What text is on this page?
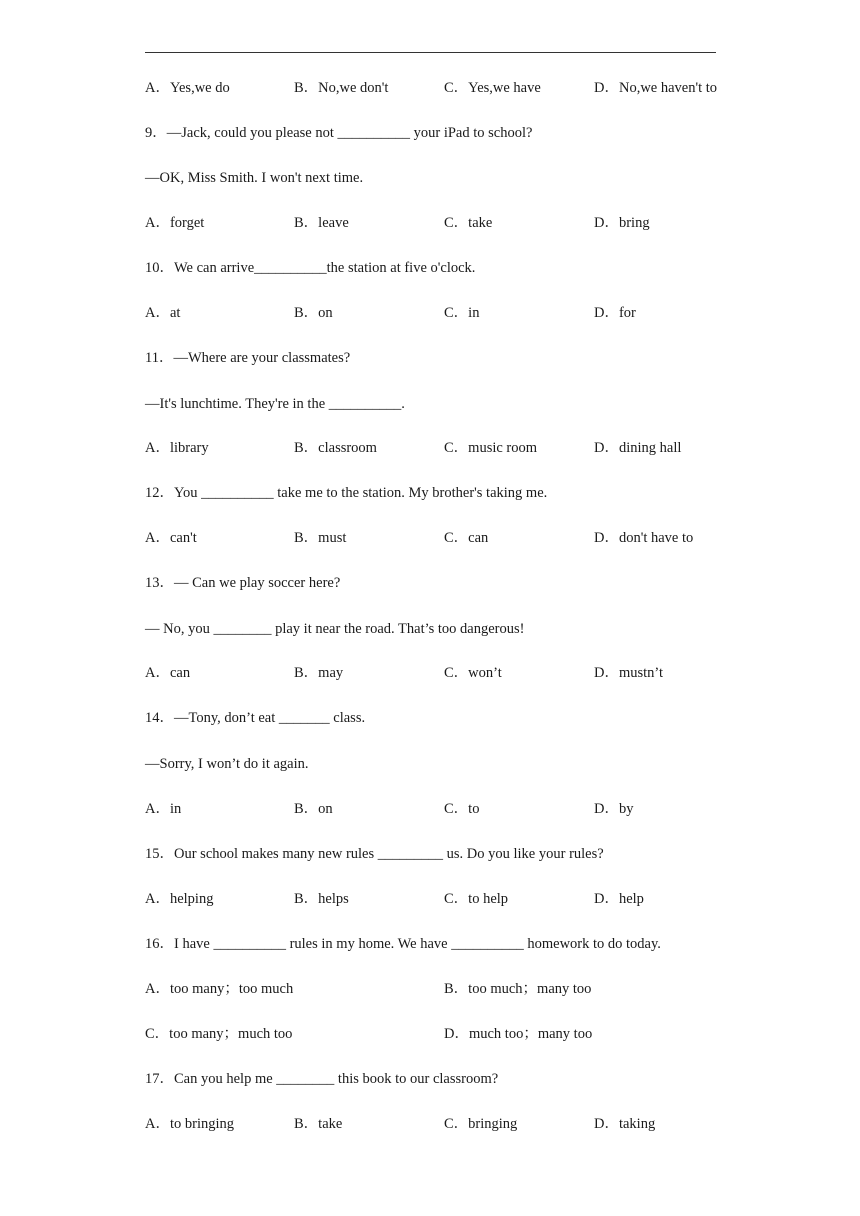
A．Yes,we do	B．No,we don't	C．Yes,we have	D．No,we haven't to
9．—Jack, could you please not __________ your iPad to school?
—OK, Miss Smith. I won't next time.
A．forget	B．leave	C．take	D．bring
10．We can arrive__________the station at five o'clock.
A．at	B．on	C．in	D．for
11．—Where are your classmates?
—It's lunchtime. They're in the __________.
A．library	B．classroom	C．music room	D．dining hall
12．You __________ take me to the station. My brother's taking me.
A．can't	B．must	C．can	D．don't have to
13．— Can we play soccer here?
— No, you ________ play it near the road. That’s too dangerous!
A．can	B．may	C．won’t	D．mustn’t
14．—Tony, don’t eat _______ class.
—Sorry, I won’t do it again.
A．in	B．on	C．to	D．by
15．Our school makes many new rules _________ us. Do you like your rules?
A．helping	B．helps	C．to help	D．help
16．I have __________ rules in my home. We have __________ homework to do today.
A．too many；too much	B．too much；many too
C．too many；much too	D．much too；many too
17．Can you help me ________ this book to our classroom?
A．to bringing	B．take	C．bringing	D．taking
